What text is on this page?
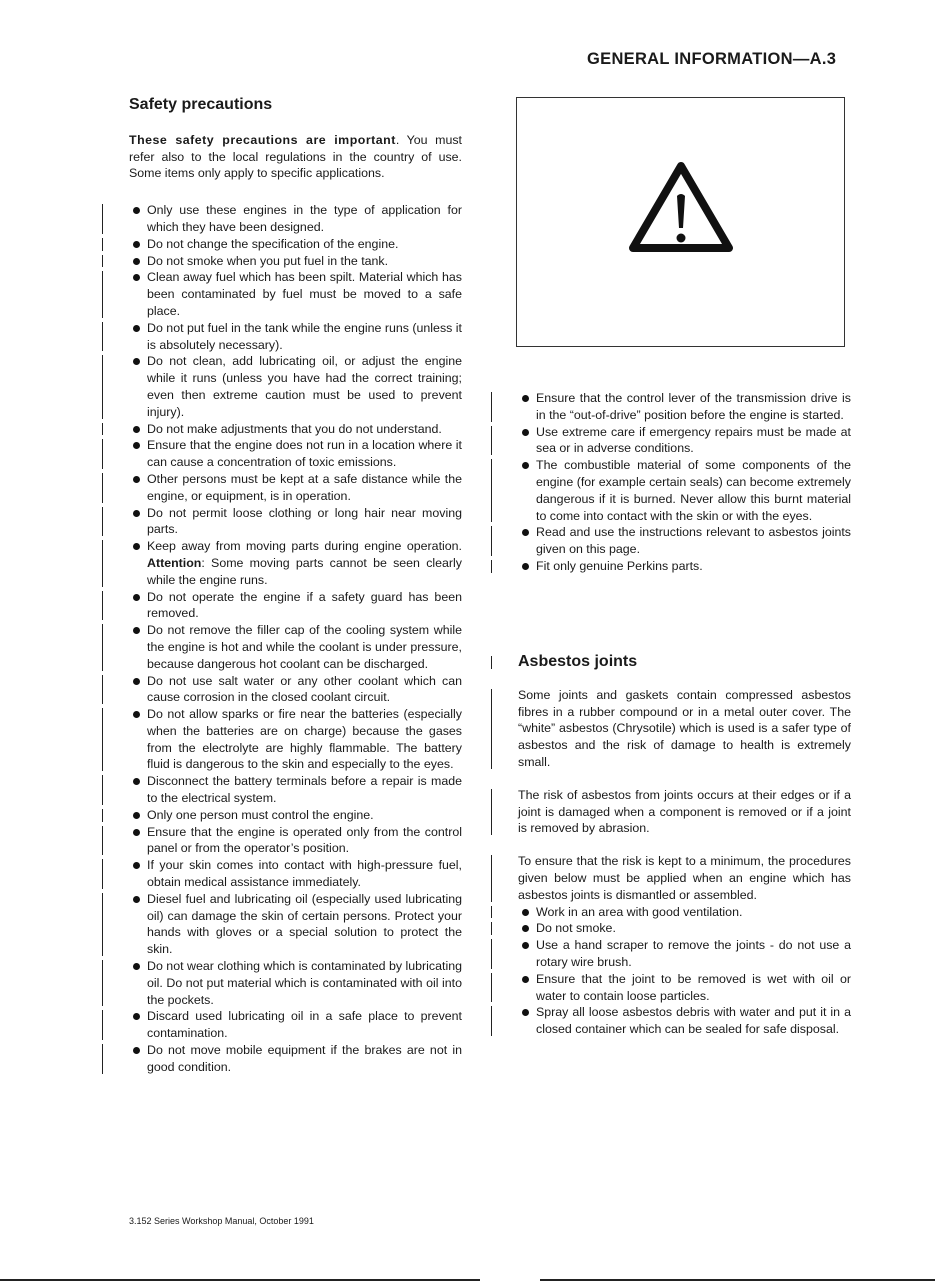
GENERAL INFORMATION—A.3
Safety precautions

These safety precautions are important. You must refer also to the local regulations in the country of use. Some items only apply to specific applications.

Only use these engines in the type of application for which they have been designed.
Do not change the specification of the engine.
Do not smoke when you put fuel in the tank.
Clean away fuel which has been spilt. Material which has been contaminated by fuel must be moved to a safe place.
Do not put fuel in the tank while the engine runs (unless it is absolutely necessary).
Do not clean, add lubricating oil, or adjust the engine while it runs (unless you have had the correct training; even then extreme caution must be used to prevent injury).
Do not make adjustments that you do not understand.
Ensure that the engine does not run in a location where it can cause a concentration of toxic emissions.
Other persons must be kept at a safe distance while the engine, or equipment, is in operation.
Do not permit loose clothing or long hair near moving parts.
Keep away from moving parts during engine operation. Attention: Some moving parts cannot be seen clearly while the engine runs.
Do not operate the engine if a safety guard has been removed.
Do not remove the filler cap of the cooling system while the engine is hot and while the coolant is under pressure, because dangerous hot coolant can be discharged.
Do not use salt water or any other coolant which can cause corrosion in the closed coolant circuit.
Do not allow sparks or fire near the batteries (especially when the batteries are on charge) because the gases from the electrolyte are highly flammable. The battery fluid is dangerous to the skin and especially to the eyes.
Disconnect the battery terminals before a repair is made to the electrical system.
Only one person must control the engine.
Ensure that the engine is operated only from the control panel or from the operator’s position.
If your skin comes into contact with high-pressure fuel, obtain medical assistance immediately.
Diesel fuel and lubricating oil (especially used lubricating oil) can damage the skin of certain persons. Protect your hands with gloves or a special solution to protect the skin.
Do not wear clothing which is contaminated by lubricating oil. Do not put material which is contaminated with oil into the pockets.
Discard used lubricating oil in a safe place to prevent contamination.
Do not move mobile equipment if the brakes are not in good condition.
Ensure that the control lever of the transmission drive is in the “out-of-drive” position before the engine is started.
Use extreme care if emergency repairs must be made at sea or in adverse conditions.
The combustible material of some components of the engine (for example certain seals) can become extremely dangerous if it is burned. Never allow this burnt material to come into contact with the skin or with the eyes.
Read and use the instructions relevant to asbestos joints given on this page.
Fit only genuine Perkins parts.
Asbestos joints

Some joints and gaskets contain compressed asbestos fibres in a rubber compound or in a metal outer cover. The “white” asbestos (Chrysotile) which is used is a safer type of asbestos and the risk of damage to health is extremely small.

The risk of asbestos from joints occurs at their edges or if a joint is damaged when a component is removed or if a joint is removed by abrasion.

To ensure that the risk is kept to a minimum, the procedures given below must be applied when an engine which has asbestos joints is dismantled or assembled.

Work in an area with good ventilation.
Do not smoke.
Use a hand scraper to remove the joints - do not use a rotary wire brush.
Ensure that the joint to be removed is wet with oil or water to contain loose particles.
Spray all loose asbestos debris with water and put it in a closed container which can be sealed for safe disposal.
3.152 Series Workshop Manual, October 1991
